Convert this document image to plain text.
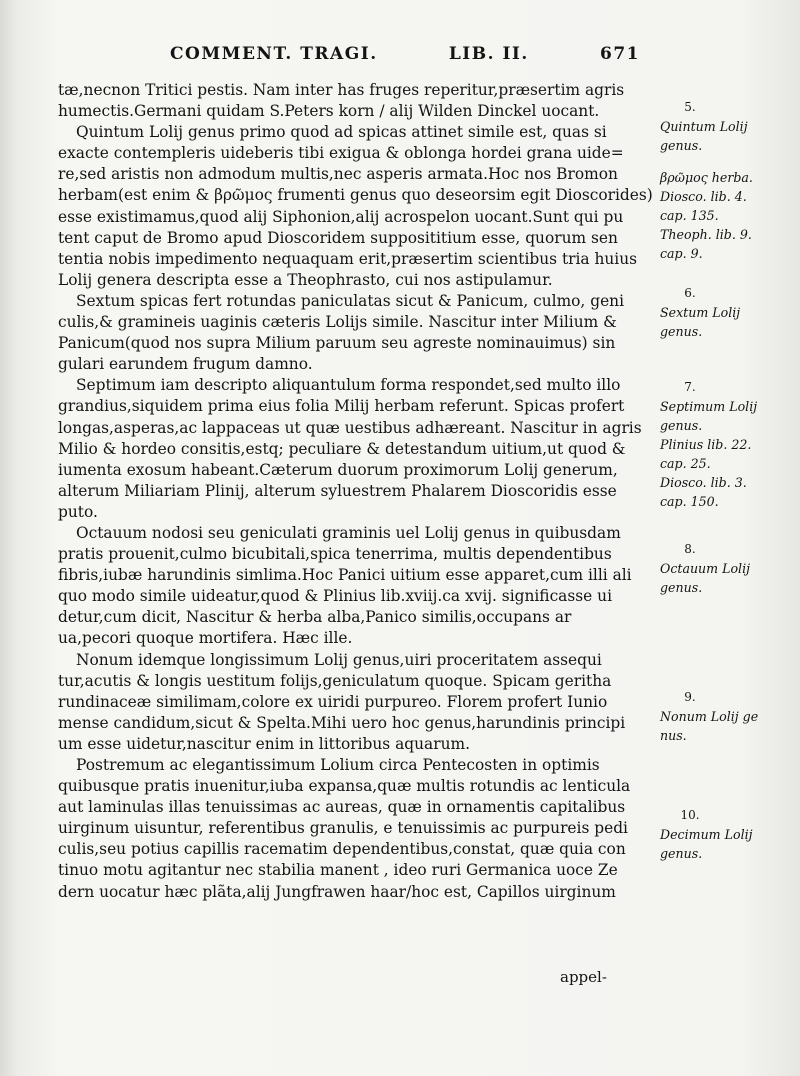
COMMENT. TRAGI.	LIB. II.	671

tæ,necnon Tritici pestis. Nam inter has fruges reperitur,præsertim agris
humectis.Germani quidam S.Peters korn / alij Wilden Dinckel uocant.

Quintum Lolij genus primo quod ad spicas attinet simile est, quas si
exacte contempleris uideberis tibi exigua & oblonga hordei grana uide=
re,sed aristis non admodum multis,nec asperis armata.Hoc nos Bromon
herbam(est enim & βρῶμος frumenti genus quo deseorsim egit Dioscorides)
esse existimamus,quod alij Siphonion,alij acrospelon uocant.Sunt qui pu
tent caput de Bromo apud Dioscoridem supposititium esse, quorum sen
tentia nobis impedimento nequaquam erit,præsertim scientibus tria huius
Lolij genera descripta esse a Theophrasto, cui nos astipulamur.

Sextum spicas fert rotundas paniculatas sicut & Panicum, culmo, geni
culis,& gramineis uaginis cæteris Lolijs simile. Nascitur inter Milium &
Panicum(quod nos supra Milium paruum seu agreste nominauimus) sin
gulari earundem frugum damno.

Septimum iam descripto aliquantulum forma respondet,sed multo illo
grandius,siquidem prima eius folia Milij herbam referunt. Spicas profert
longas,asperas,ac lappaceas ut quæ uestibus adhæreant. Nascitur in agris
Milio & hordeo consitis,estq; peculiare & detestandum uitium,ut quod &
iumenta exosum habeant.Cæterum duorum proximorum Lolij generum,
alterum Miliariam Plinij, alterum syluestrem Phalarem Dioscoridis esse
puto.

Octauum nodosi seu geniculati graminis uel Lolij genus in quibusdam
pratis prouenit,culmo bicubitali,spica tenerrima, multis dependentibus
fibris,iubæ harundinis simlima.Hoc Panici uitium esse apparet,cum illi ali
quo modo simile uideatur,quod & Plinius lib.xviij.ca xvij. significasse ui
detur,cum dicit, Nascitur & herba alba,Panico similis,occupans ar
ua,pecori quoque mortifera. Hæc ille.

Nonum idemque longissimum Lolij genus,uiri proceritatem assequi
tur,acutis & longis uestitum folijs,geniculatum quoque. Spicam geritha
rundinaceæ similimam,colore ex uiridi purpureo. Florem profert Iunio
mense candidum,sicut & Spelta.Mihi uero hoc genus,harundinis principi
um esse uidetur,nascitur enim in littoribus aquarum.

Postremum ac elegantissimum Lolium circa Pentecosten in optimis
quibusque pratis inuenitur,iuba expansa,quæ multis rotundis ac lenticula
aut laminulas illas tenuissimas ac aureas, quæ in ornamentis capitalibus
uirginum uisuntur, referentibus granulis, e tenuissimis ac purpureis pedi
culis,seu potius capillis racematim dependentibus,constat, quæ quia con
tinuo motu agitantur nec stabilia manent , ideo ruri Germanica uoce Ze
dern uocatur hæc plãta,alij Jungfrawen haar/hoc est, Capillos uirginum

appel-
5.
Quintum Lolij
genus.
βρῶμος herba.
Diosco. lib. 4.
cap. 135.
Theoph. lib. 9.
cap. 9.
6.
Sextum Lolij
genus.
7.
Septimum Lolij
genus.
Plinius lib. 22.
cap. 25.
Diosco. lib. 3.
cap. 150.
8.
Octauum Lolij
genus.
9.
Nonum Lolij ge
nus.
10.
Decimum Lolij
genus.
